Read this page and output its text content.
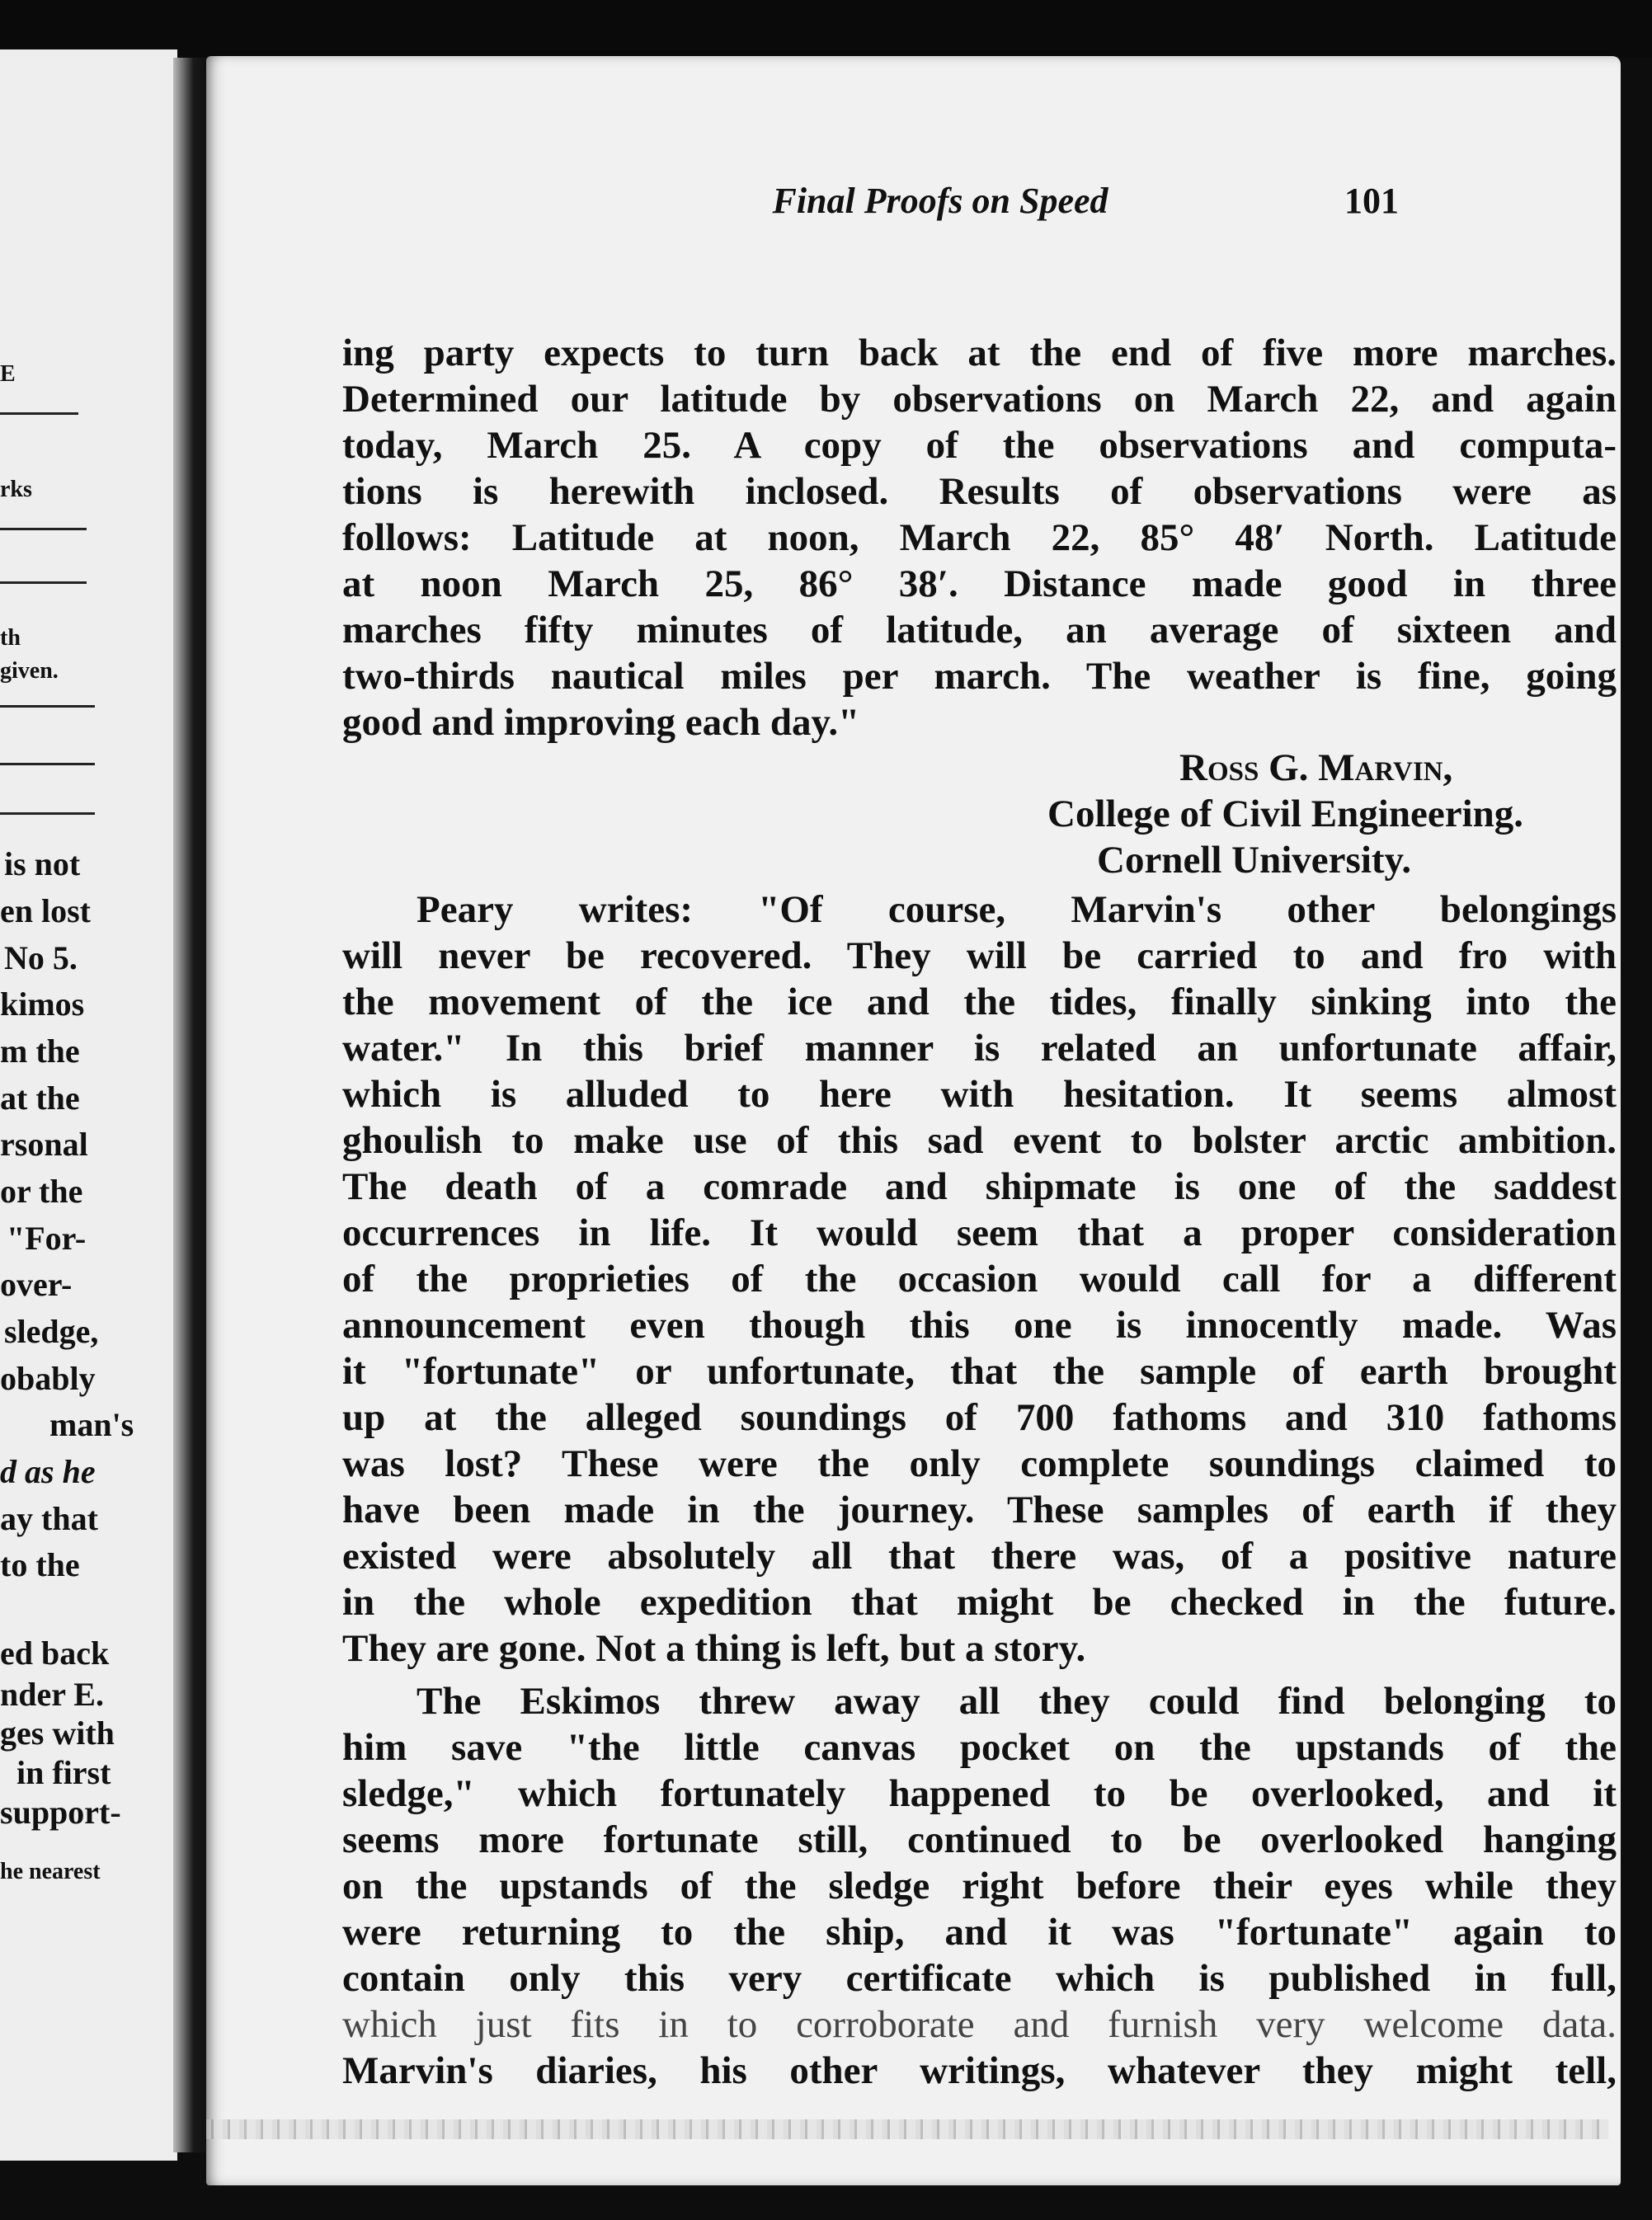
E
rks
th
given.
is not
en lost
No 5.
kimos
m the
at the
rsonal
or the
"For-
over-
sledge,
obably
man's
d as he
ay that
to the
ed back
nder E.
ges with
in first
support-
he nearest
Final Proofs on Speed	101
ing party expects to turn back at the end of five more marches.
Determined our latitude by observations on March 22, and again
today, March 25. A copy of the observations and computa-
tions is herewith inclosed. Results of observations were as
follows: Latitude at noon, March 22, 85° 48′ North. Latitude
at noon March 25, 86° 38′. Distance made good in three
marches fifty minutes of latitude, an average of sixteen and
two-thirds nautical miles per march. The weather is fine, going
good and improving each day."
Ross G. Marvin,
College of Civil Engineering.
Cornell University.
Peary writes: "Of course, Marvin's other belongings
will never be recovered. They will be carried to and fro with
the movement of the ice and the tides, finally sinking into the
water." In this brief manner is related an unfortunate affair,
which is alluded to here with hesitation. It seems almost
ghoulish to make use of this sad event to bolster arctic ambition.
The death of a comrade and shipmate is one of the saddest
occurrences in life. It would seem that a proper consideration
of the proprieties of the occasion would call for a different
announcement even though this one is innocently made. Was
it "fortunate" or unfortunate, that the sample of earth brought
up at the alleged soundings of 700 fathoms and 310 fathoms
was lost? These were the only complete soundings claimed to
have been made in the journey. These samples of earth if they
existed were absolutely all that there was, of a positive nature
in the whole expedition that might be checked in the future.
They are gone. Not a thing is left, but a story.
The Eskimos threw away all they could find belonging to
him save "the little canvas pocket on the upstands of the
sledge," which fortunately happened to be overlooked, and it
seems more fortunate still, continued to be overlooked hanging
on the upstands of the sledge right before their eyes while they
were returning to the ship, and it was "fortunate" again to
contain only this very certificate which is published in full,
which just fits in to corroborate and furnish very welcome data.
Marvin's diaries, his other writings, whatever they might tell,
